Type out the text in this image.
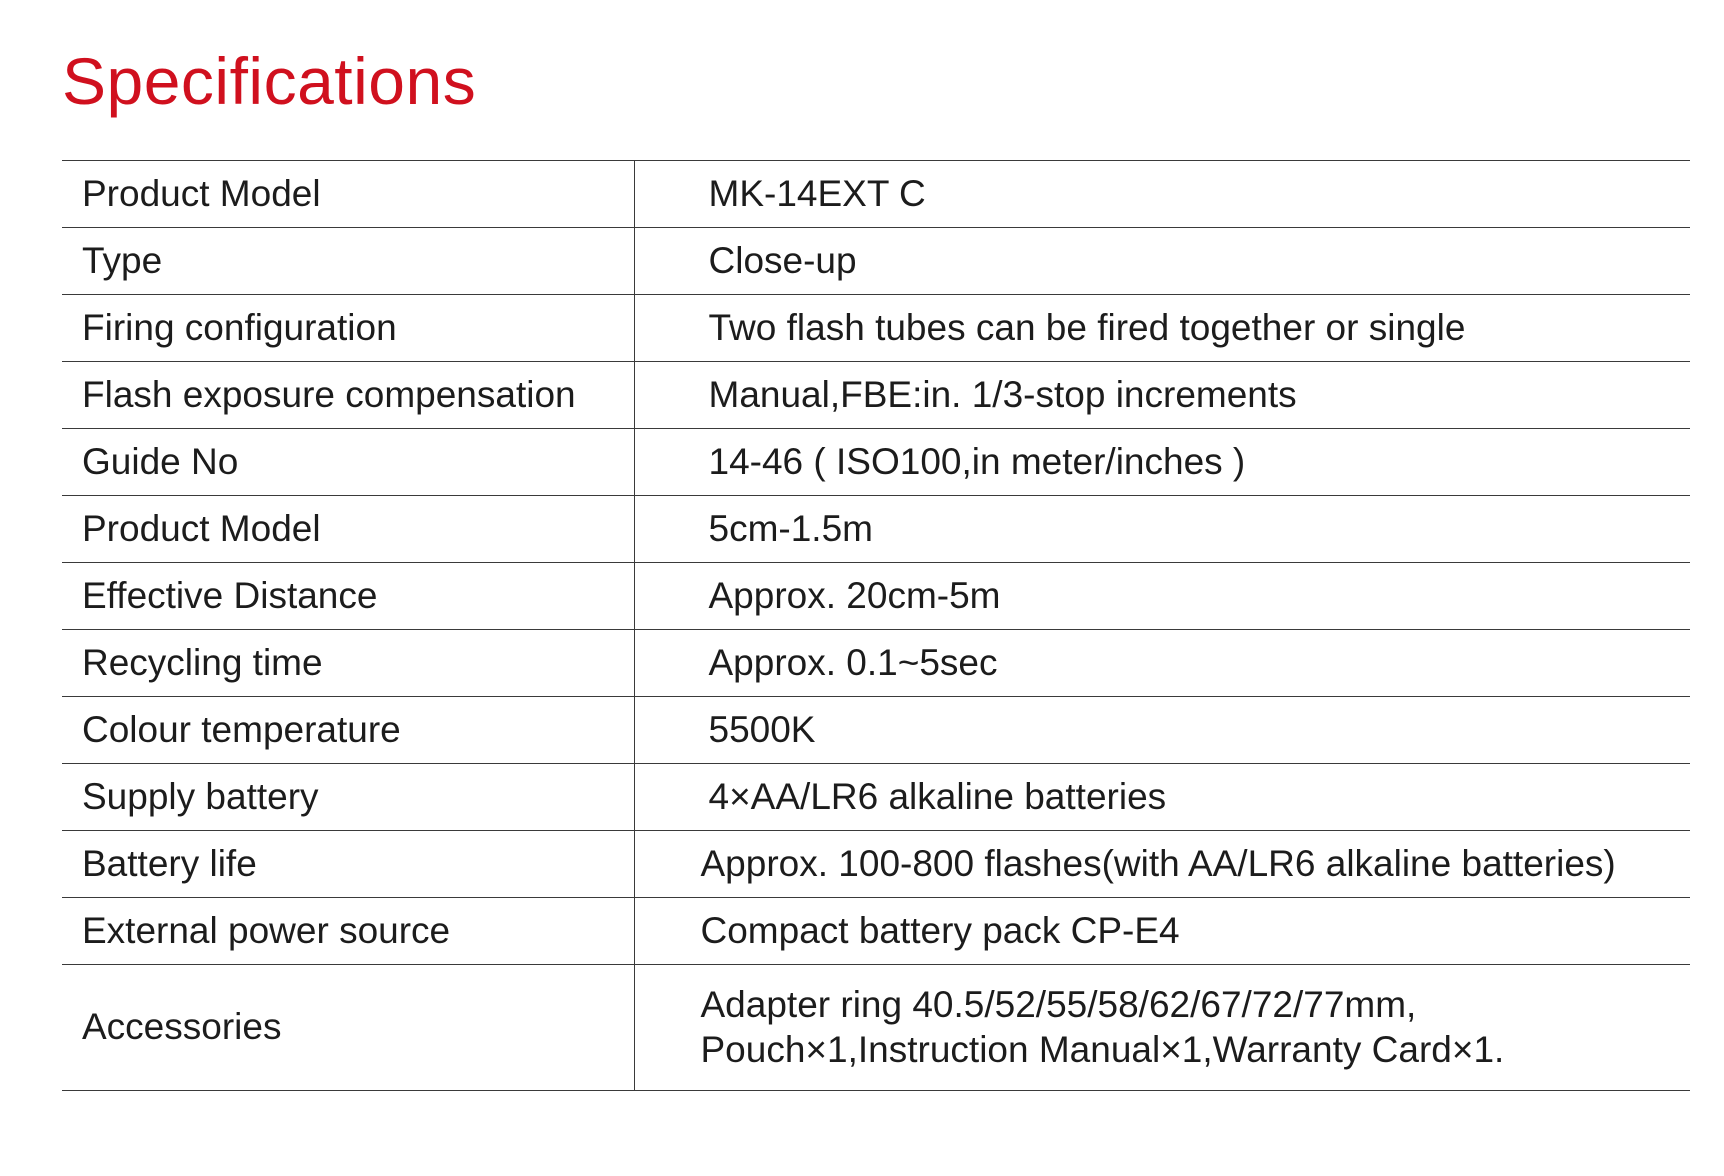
Specifications
Product Model	MK-14EXT C
Type	Close-up
Firing configuration	Two flash tubes can be fired together or single
Flash exposure compensation	Manual,FBE:in. 1/3-stop increments
Guide No	14-46 ( ISO100,in meter/inches )
Product Model	5cm-1.5m
Effective Distance	Approx. 20cm-5m
Recycling time	Approx. 0.1~5sec
Colour temperature	5500K
Supply battery	4×AA/LR6 alkaline batteries
Battery life	Approx. 100-800 flashes(with AA/LR6 alkaline batteries)
External power source	Compact battery pack CP-E4
Accessories	Adapter ring 40.5/52/55/58/62/67/72/77mm,
Pouch×1,Instruction Manual×1,Warranty Card×1.
